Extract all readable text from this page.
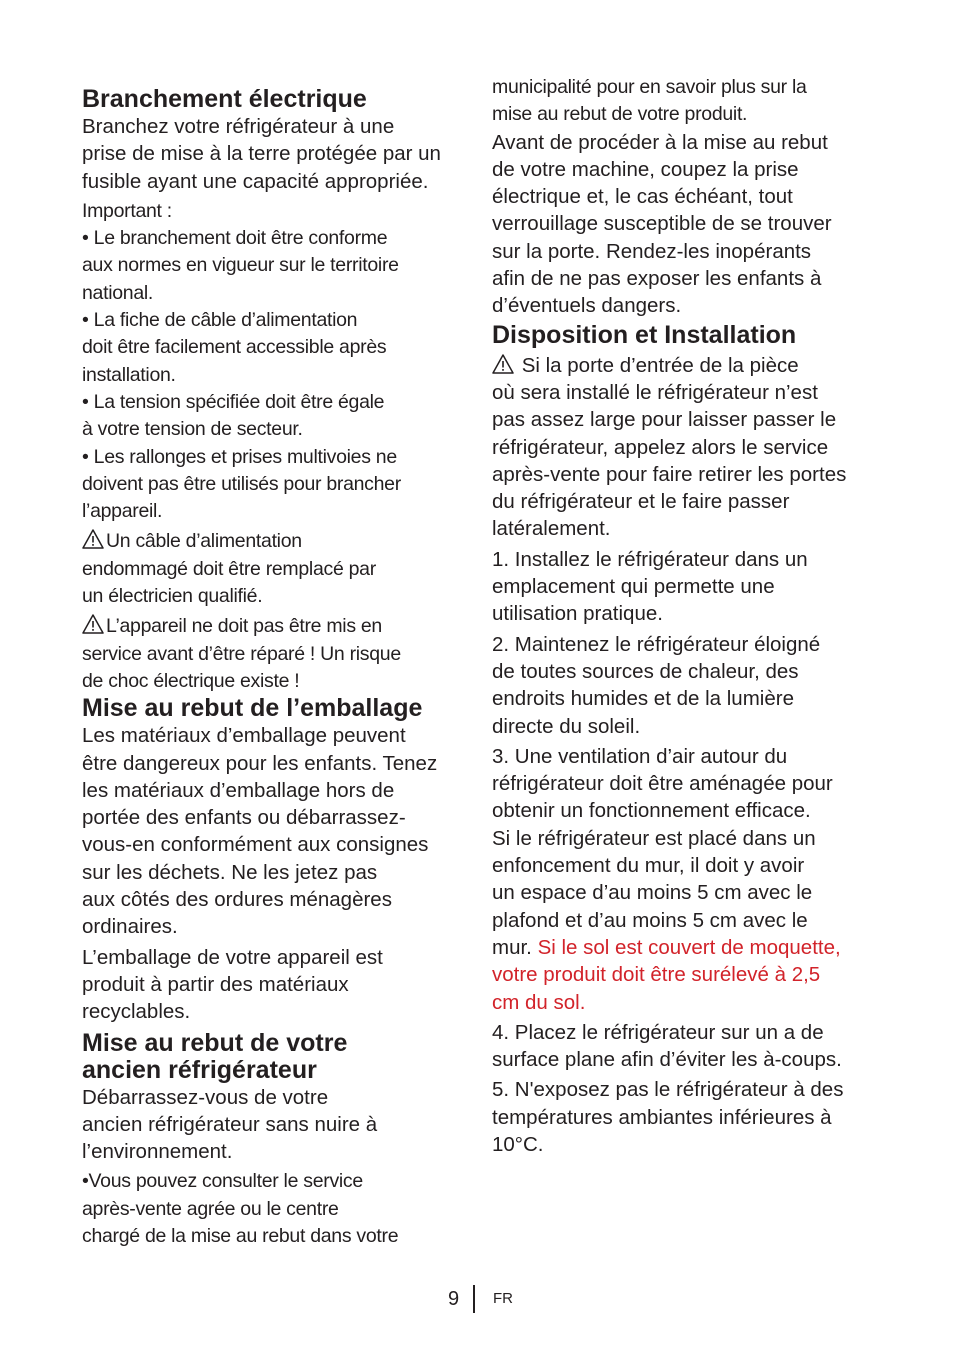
Branchement électrique
Branchez votre réfrigérateur à une
prise de mise à la terre protégée par un
fusible ayant une capacité appropriée.
Important :
• Le branchement doit être conforme
aux normes en vigueur sur le territoire
national.
• La fiche de câble d’alimentation
doit être facilement accessible après
installation.
• La tension spécifiée doit être égale
à votre tension de secteur.
• Les rallonges et prises multivoies ne
doivent pas être utilisés pour brancher
l’appareil.
Un câble d’alimentation
endommagé doit être remplacé par
un électricien qualifié.
L’appareil ne doit pas être mis en
service avant d’être réparé ! Un risque
de choc électrique existe !
Mise au rebut de l’emballage
Les matériaux d’emballage peuvent
être dangereux pour les enfants. Tenez
les matériaux d’emballage hors de
portée des enfants ou débarrassez-
vous-en conformément aux consignes
sur les déchets. Ne les jetez pas
aux côtés des ordures ménagères
ordinaires.
L’emballage de votre appareil est
produit à partir des matériaux
recyclables.
Mise au rebut de votre
ancien réfrigérateur
Débarrassez-vous de votre
ancien réfrigérateur sans nuire à
l’environnement.
•Vous pouvez consulter le service
après-vente agrée ou le centre
chargé de la mise au rebut dans votre
municipalité pour en savoir plus sur la
mise au rebut de votre produit.
Avant de procéder à la mise au rebut
de votre machine, coupez la prise
électrique et, le cas échéant, tout
verrouillage susceptible de se trouver
sur la porte. Rendez-les inopérants
afin de ne pas exposer les enfants à
d’éventuels dangers.
Disposition et Installation
Si la porte d’entrée de la pièce
où sera installé le réfrigérateur n’est
pas assez large pour laisser passer le
réfrigérateur, appelez alors le service
après-vente pour faire retirer les portes
du réfrigérateur et le faire passer
latéralement.
1. Installez le réfrigérateur dans un
emplacement qui permette une
utilisation pratique.
2. Maintenez le réfrigérateur éloigné
de toutes sources de chaleur, des
endroits humides et de la lumière
directe du soleil.
3. Une ventilation d’air autour du
réfrigérateur doit être aménagée pour
obtenir un fonctionnement efficace.
Si le réfrigérateur est placé dans un
enfoncement du mur, il doit y avoir
un espace d’au moins 5 cm avec le
plafond et d’au moins 5 cm avec le
mur. Si le sol est couvert de moquette,
votre produit doit être surélevé à 2,5
cm du sol.
4. Placez le réfrigérateur sur un a de
surface plane afin d’éviter les à-coups.
5. N'exposez pas le réfrigérateur à des
températures ambiantes inférieures à
10°C.
9 FR
